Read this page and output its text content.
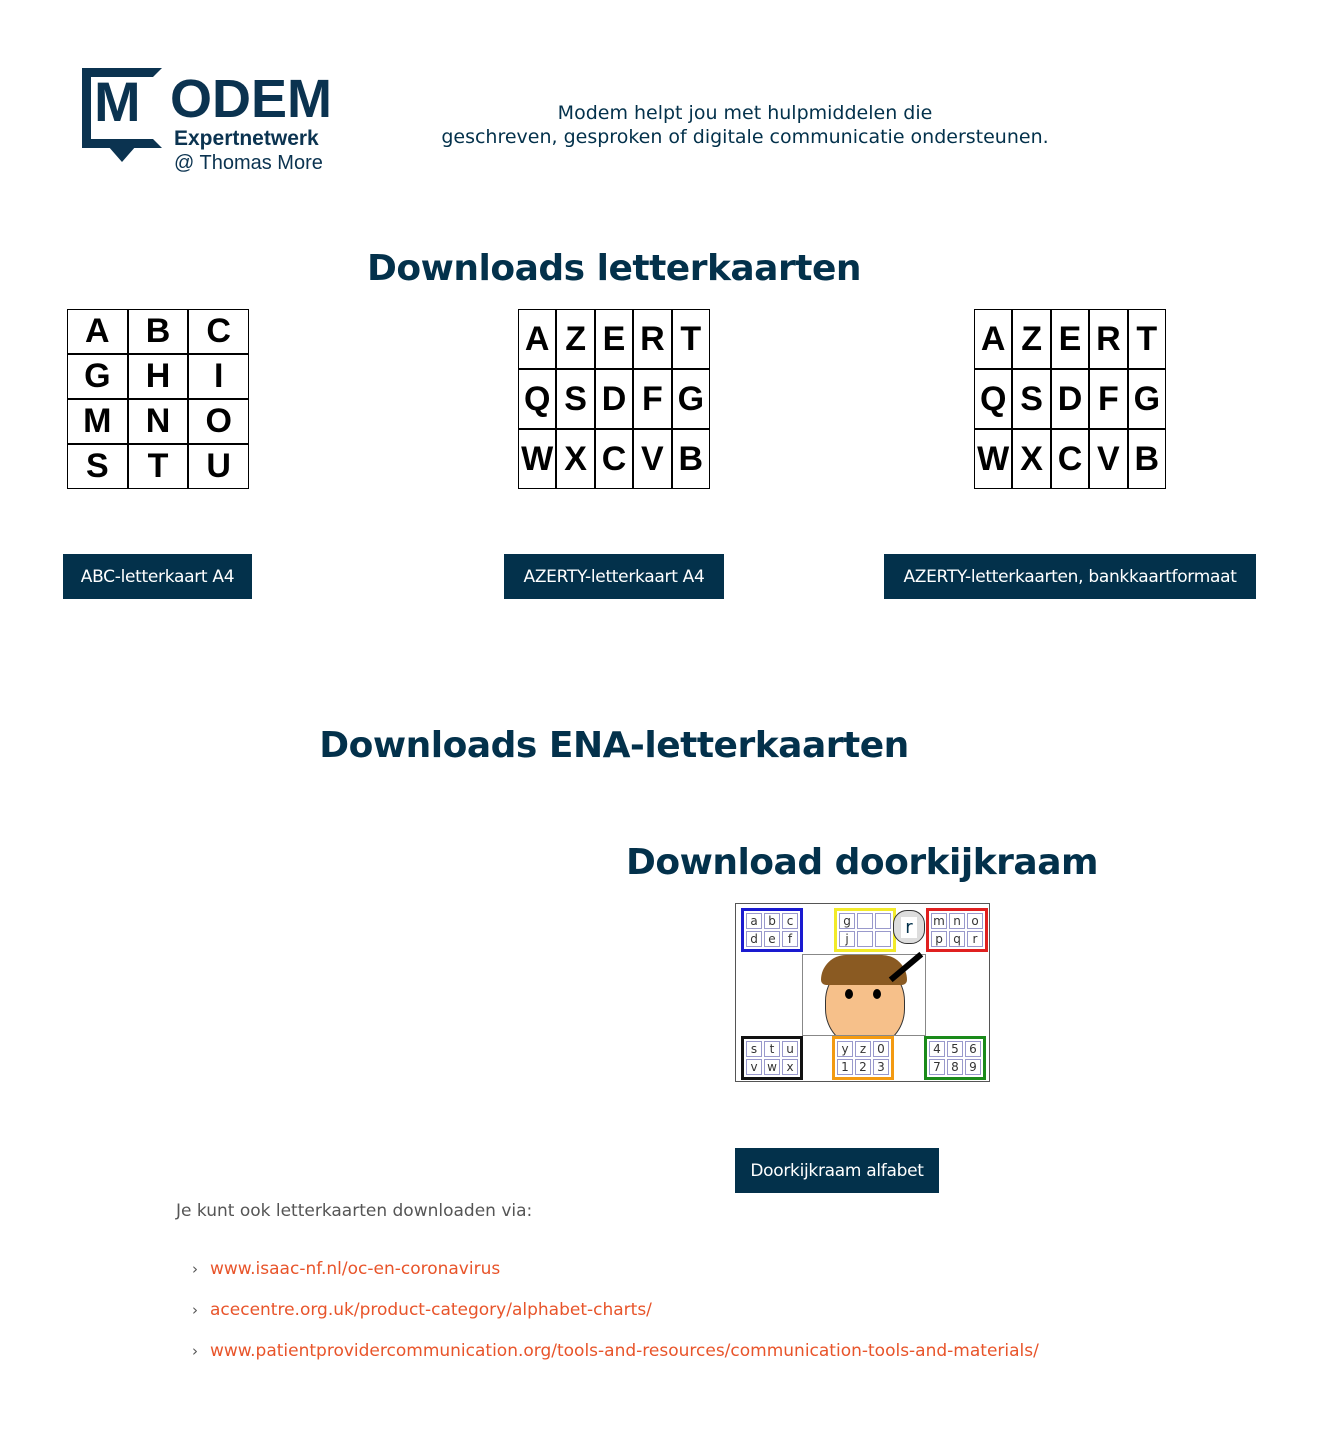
M ODEM
Expertnetwerk
@ Thomas More
Modem helpt jou met hulpmiddelen die
geschreven, gesproken of digitale communicatie ondersteunen.
Downloads letterkaarten
A	B	C
G	H	I
M	N	O
S	T	U
A Z E R T
Q S D F G
W X C V B
A Z E R T
Q S D F G
W X C V B
ABC-letterkaart A4	AZERTY-letterkaart A4	AZERTY-letterkaarten, bankkaartformaat
Downloads ENA-letterkaarten
Download doorkijkraam
a b c
d e	f
g
j
m n o
p q r
r
s	t u
v w x
y z 0
1 2 3
4 5 6
7 8 9
Doorkijkraam alfabet
Je kunt ook letterkaarten downloaden via:
› www.isaac-nf.nl/oc-en-coronavirus
› acecentre.org.uk/product-category/alphabet-charts/
› www.patientprovidercommunication.org/tools-and-resources/communication-tools-and-materials/
